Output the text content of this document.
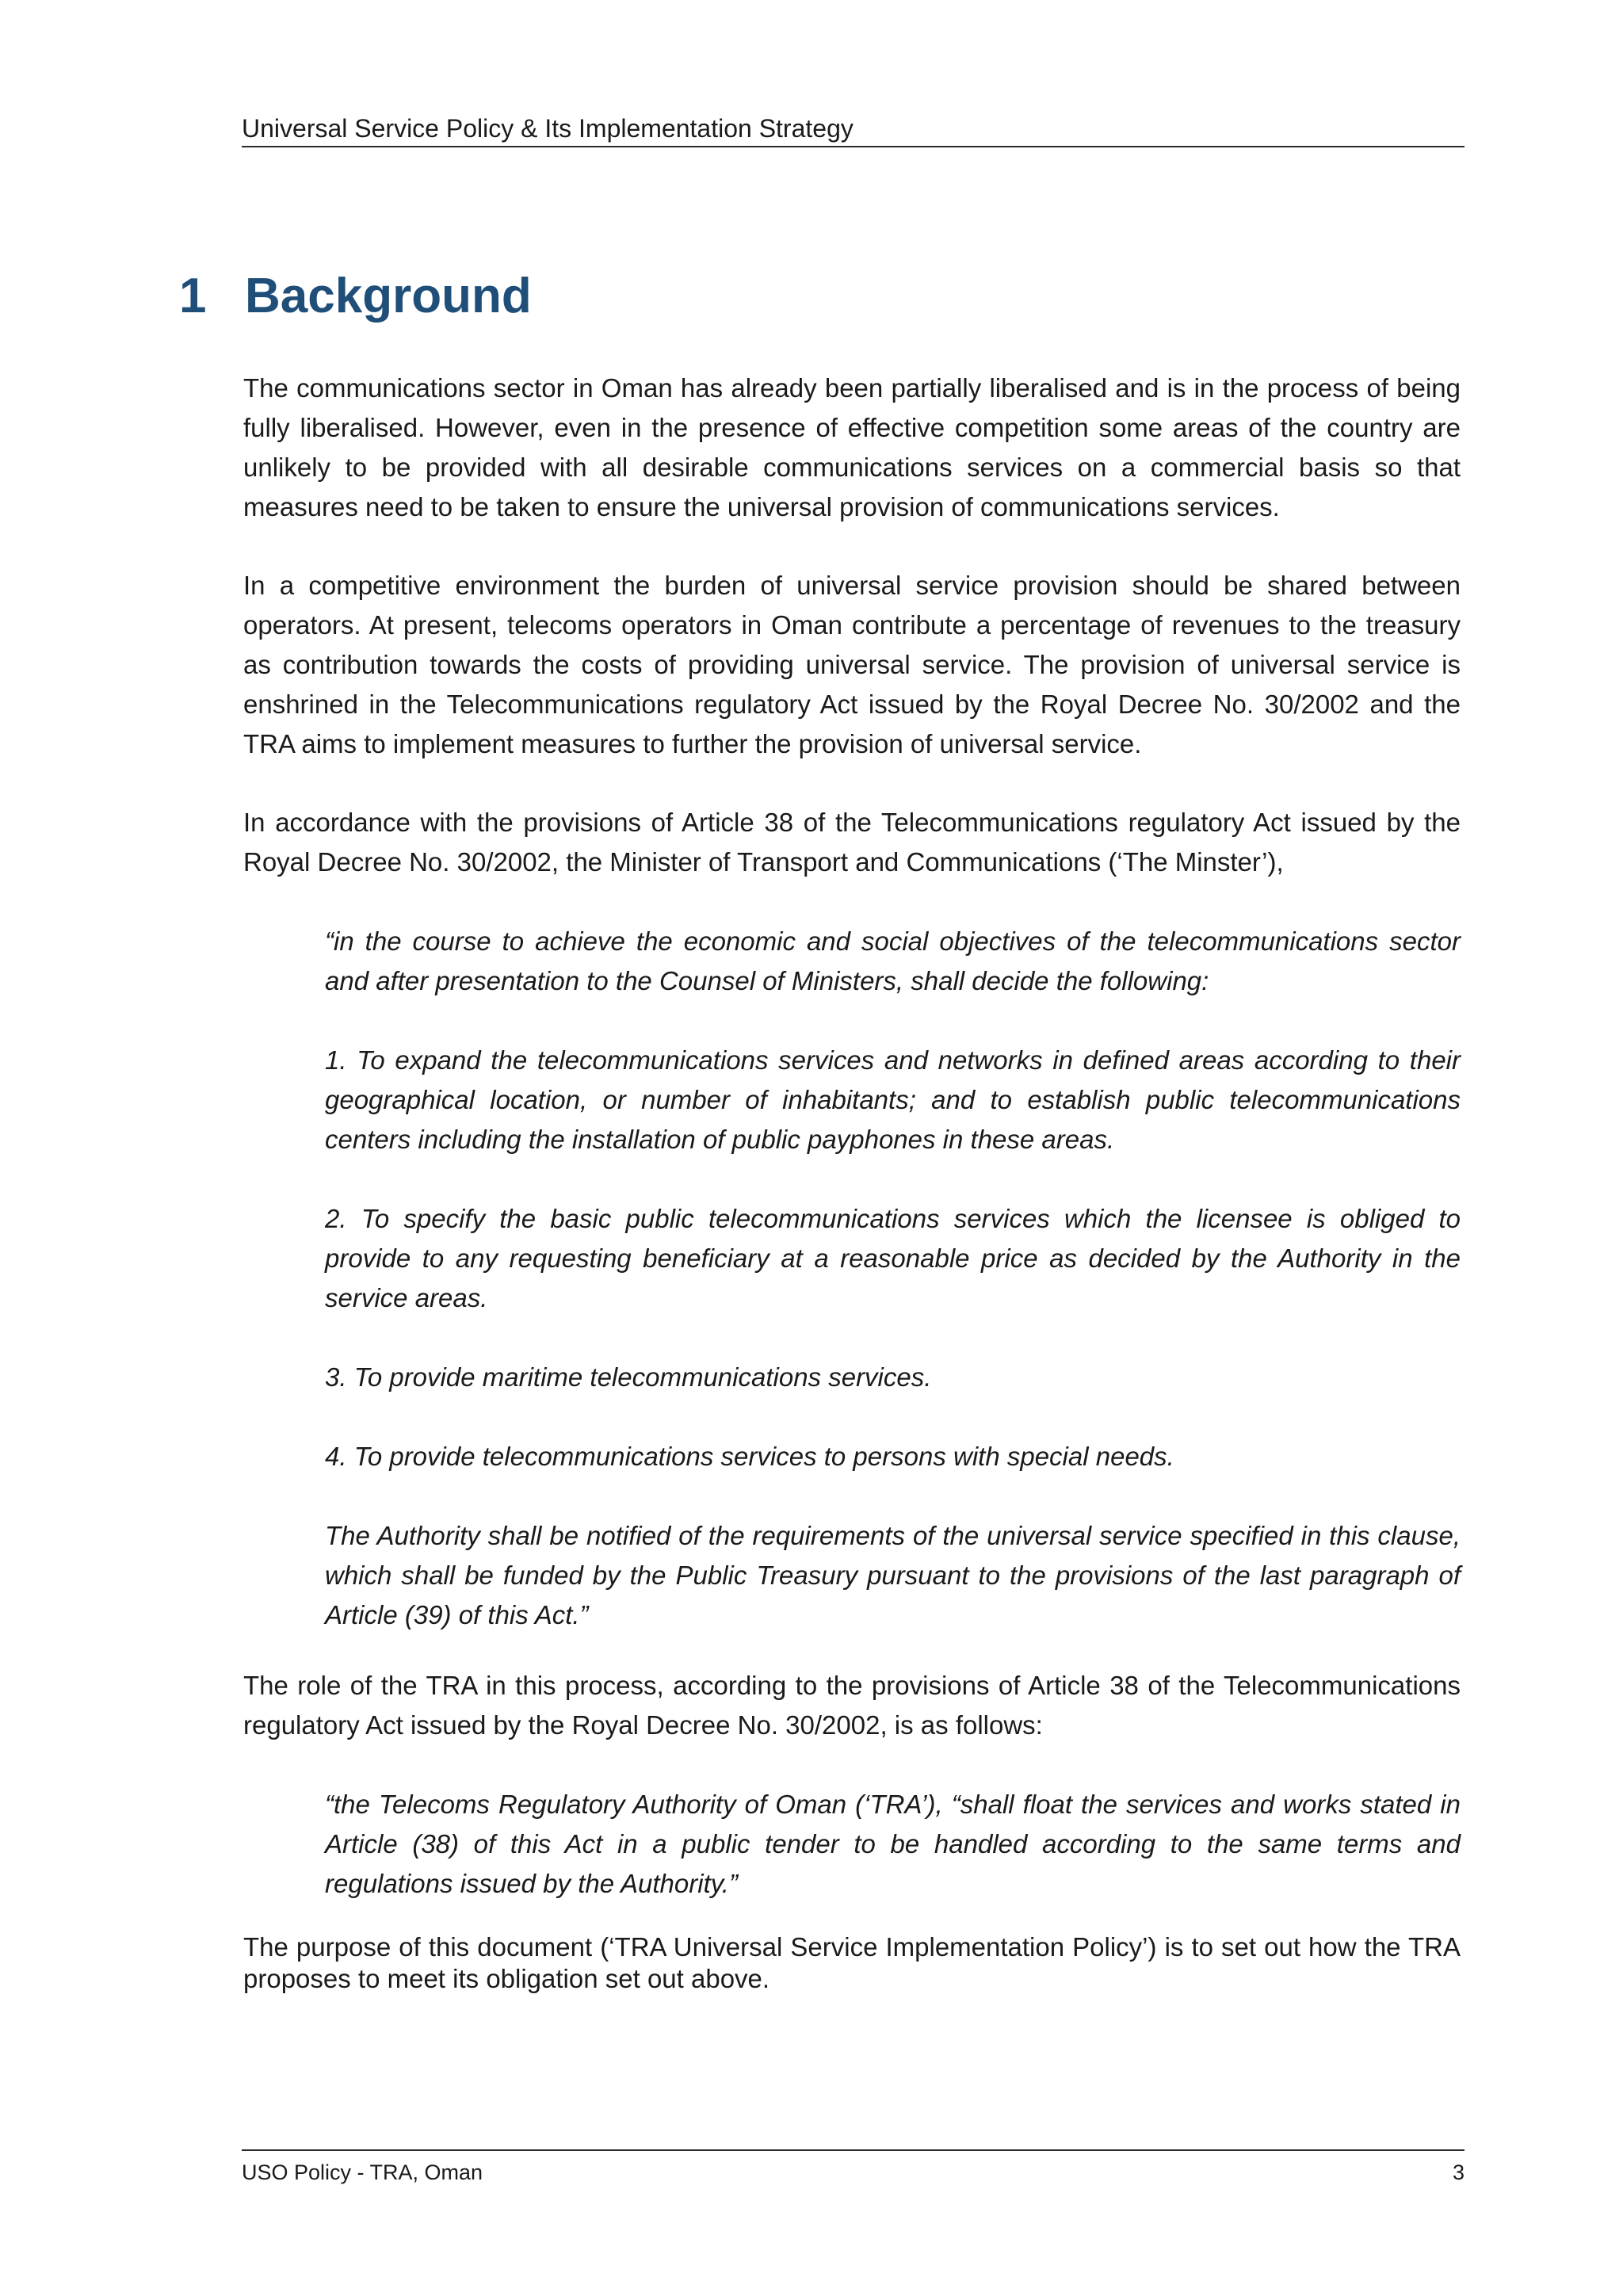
Universal Service Policy & Its Implementation Strategy
1 Background
The communications sector in Oman has already been partially liberalised and is in the process of being fully liberalised. However, even in the presence of effective competition some areas of the country are unlikely to be provided with all desirable communications services on a commercial basis so that measures need to be taken to ensure the universal provision of communications services.
In a competitive environment the burden of universal service provision should be shared between operators. At present, telecoms operators in Oman contribute a percentage of revenues to the treasury as contribution towards the costs of providing universal service. The provision of universal service is enshrined in the Telecommunications regulatory Act issued by the Royal Decree No. 30/2002 and the TRA aims to implement measures to further the provision of universal service.
In accordance with the provisions of Article 38 of the Telecommunications regulatory Act issued by the Royal Decree No. 30/2002, the Minister of Transport and Communications (‘The Minster’),
“in the course to achieve the economic and social objectives of the telecommunications sector and after presentation to the Counsel of Ministers, shall decide the following:
1. To expand the telecommunications services and networks in defined areas according to their geographical location, or number of inhabitants; and to establish public telecommunications centers including the installation of public payphones in these areas.
2. To specify the basic public telecommunications services which the licensee is obliged to provide to any requesting beneficiary at a reasonable price as decided by the Authority in the service areas.
3. To provide maritime telecommunications services.
4. To provide telecommunications services to persons with special needs.
The Authority shall be notified of the requirements of the universal service specified in this clause, which shall be funded by the Public Treasury pursuant to the provisions of the last paragraph of Article (39) of this Act.”
The role of the TRA in this process, according to the provisions of Article 38 of the Telecommunications regulatory Act issued by the Royal Decree No. 30/2002, is as follows:
“the Telecoms Regulatory Authority of Oman (‘TRA’), “shall float the services and works stated in Article (38) of this Act in a public tender to be handled according to the same terms and regulations issued by the Authority.”
The purpose of this document (‘TRA Universal Service Implementation Policy’) is to set out how the TRA proposes to meet its obligation set out above.
USO Policy - TRA, Oman	3
